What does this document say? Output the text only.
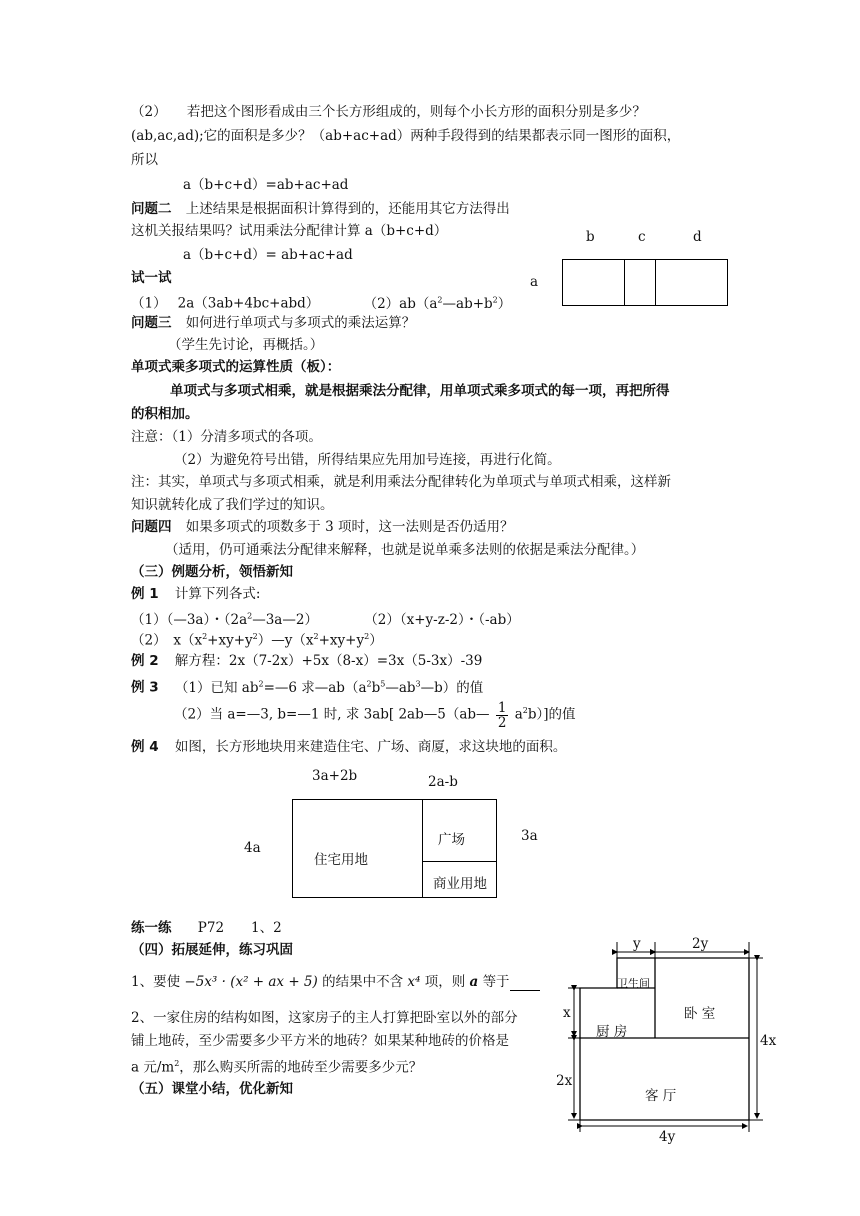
（2）　　若把这个图形看成由三个长方形组成的，则每个小长方形的面积分别是多少？
(ab,ac,ad);它的面积是多少？（ab+ac+ad）两种手段得到的结果都表示同一图形的面积，
所以
a（b+c+d）=ab+ac+ad
问题二 上述结果是根据面积计算得到的，还能用其它方法得出
这机关报结果吗？试用乘法分配律计算 a（b+c+d）
a（b+c+d）= ab+ac+ad
试一试
（1）　 2a（3ab+4bc+abd）	$(2)ab(a^2—ab+b^2)$
问题三 如何进行单项式与多项式的乘法运算？
（学生先讨论，再概括。）
单项式乘多项式的运算性质（板）：
单项式与多项式相乘，就是根据乘法分配律，用单项式乘多项式的每一项，再把所得
的积相加。
注意：（1）分清多项式的各项。
（2）为避免符号出错，所得结果应先用加号连接，再进行化简。
注：其实，单项式与多项式相乘，就是利用乘法分配律转化为单项式与单项式相乘，这样新
知识就转化成了我们学过的知识。
问题四 如果多项式的项数多于 3 项时，这一法则是否仍适用？
（适用，仍可通乘法分配律来解释，也就是说单乘多法则的依据是乘法分配律。）
（三）例题分析，领悟新知
例 1 计算下列各式:
（1）（—3a）・$(2a^2—3a—2)$	（2）（x+y-z-2）・（-ab）
（2）　$x(x^2+xy+y^2)—y(x^2+xy+y^2)$
例 2 解方程：2x（7-2x）+5x（8-x）=3x（5-3x）-39
例 3 （1）已知 $ab^2=—6$ 求$—ab(a^2b^5—ab^3—b)$的值
（2）当 a=—3, b=—1 时, 求 3ab[ 2ab—5（ab— $\frac{1}{2} a^2b$）]的值
例 4 如图，长方形地块用来建造住宅、广场、商厦，求这块地的面积。
练一练 P72　　1、2
（四）拓展延伸，练习巩固
1、要使 −5x³ · (x² + ax + 5) 的结果中不含 x⁴ 项，则 a 等于
2、一家住房的结构如图，这家房子的主人打算把卧室以外的部分
铺上地砖，至少需要多少平方米的地砖？如果某种地砖的价格是
a 元$/m^2$，那么购买所需的地砖至少需要多少元？
（五）课堂小结，优化新知
b	c	d
a
3a+2b	2a-b
4a
3a
住宅用地
广场
商业用地
y	2y
卫生间
卧 室
厨 房
x
4x
2x
客 厅
4y
